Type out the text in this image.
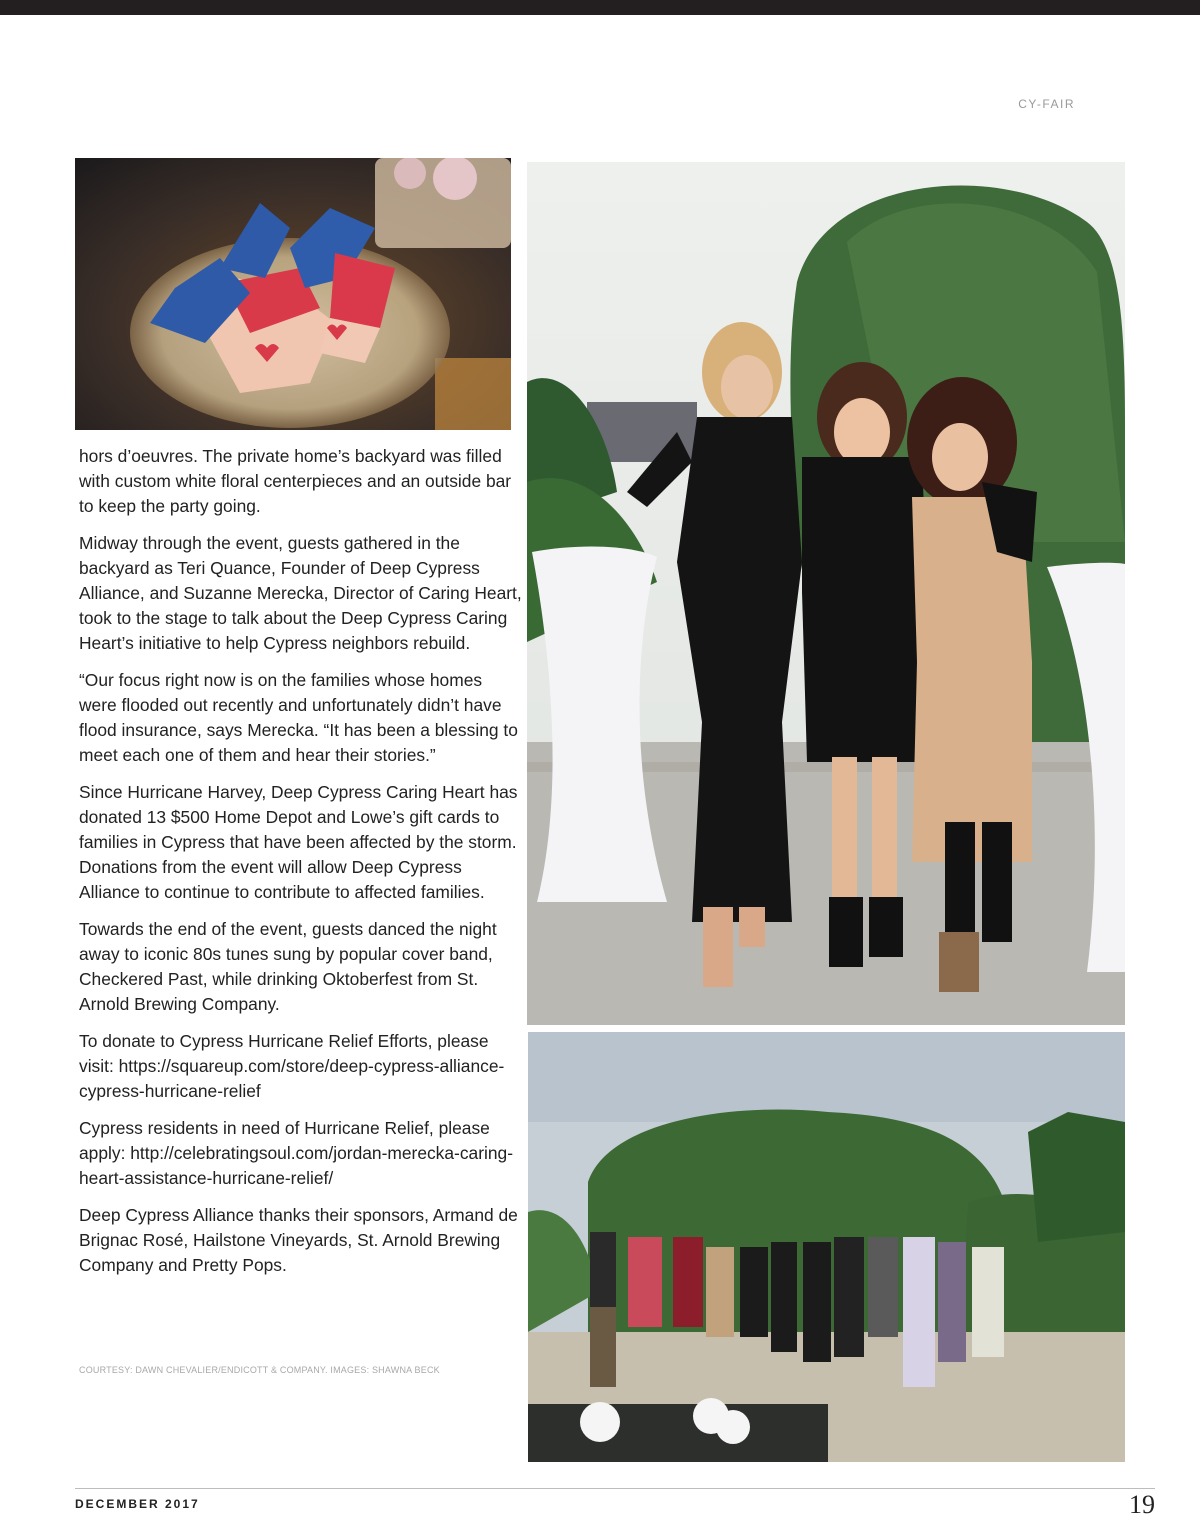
CY-FAIR

hors d’oeuvres. The private home’s backyard was filled with custom white floral centerpieces and an outside bar to keep the party going.

Midway through the event, guests gathered in the backyard as Teri Quance, Founder of Deep Cypress Alliance, and Suzanne Merecka, Director of Caring Heart, took to the stage to talk about the Deep Cypress Caring Heart’s initiative to help Cypress neighbors rebuild.

“Our focus right now is on the families whose homes were flooded out recently and unfortunately didn’t have flood insurance, says Merecka. “It has been a blessing to meet each one of them and hear their stories.”

Since Hurricane Harvey, Deep Cypress Caring Heart has donated 13 $500 Home Depot and Lowe’s gift cards to families in Cypress that have been affected by the storm. Donations from the event will allow Deep Cypress Alliance to continue to contribute to affected families.

Towards the end of the event, guests danced the night away to iconic 80s tunes sung by popular cover band, Checkered Past, while drinking Oktoberfest from St. Arnold Brewing Company.

To donate to Cypress Hurricane Relief Efforts, please visit: https://squareup.com/store/deep-cypress-alliance-cypress-hurricane-relief

Cypress residents in need of Hurricane Relief, please apply: http://celebratingsoul.com/jordan-merecka-caring-heart-assistance-hurricane-relief/

Deep Cypress Alliance thanks their sponsors, Armand de Brignac Rosé, Hailstone Vineyards, St. Arnold Brewing Company and Pretty Pops.

COURTESY: DAWN CHEVALIER/ENDICOTT & COMPANY. IMAGES: SHAWNA BECK
DECEMBER 2017	19
